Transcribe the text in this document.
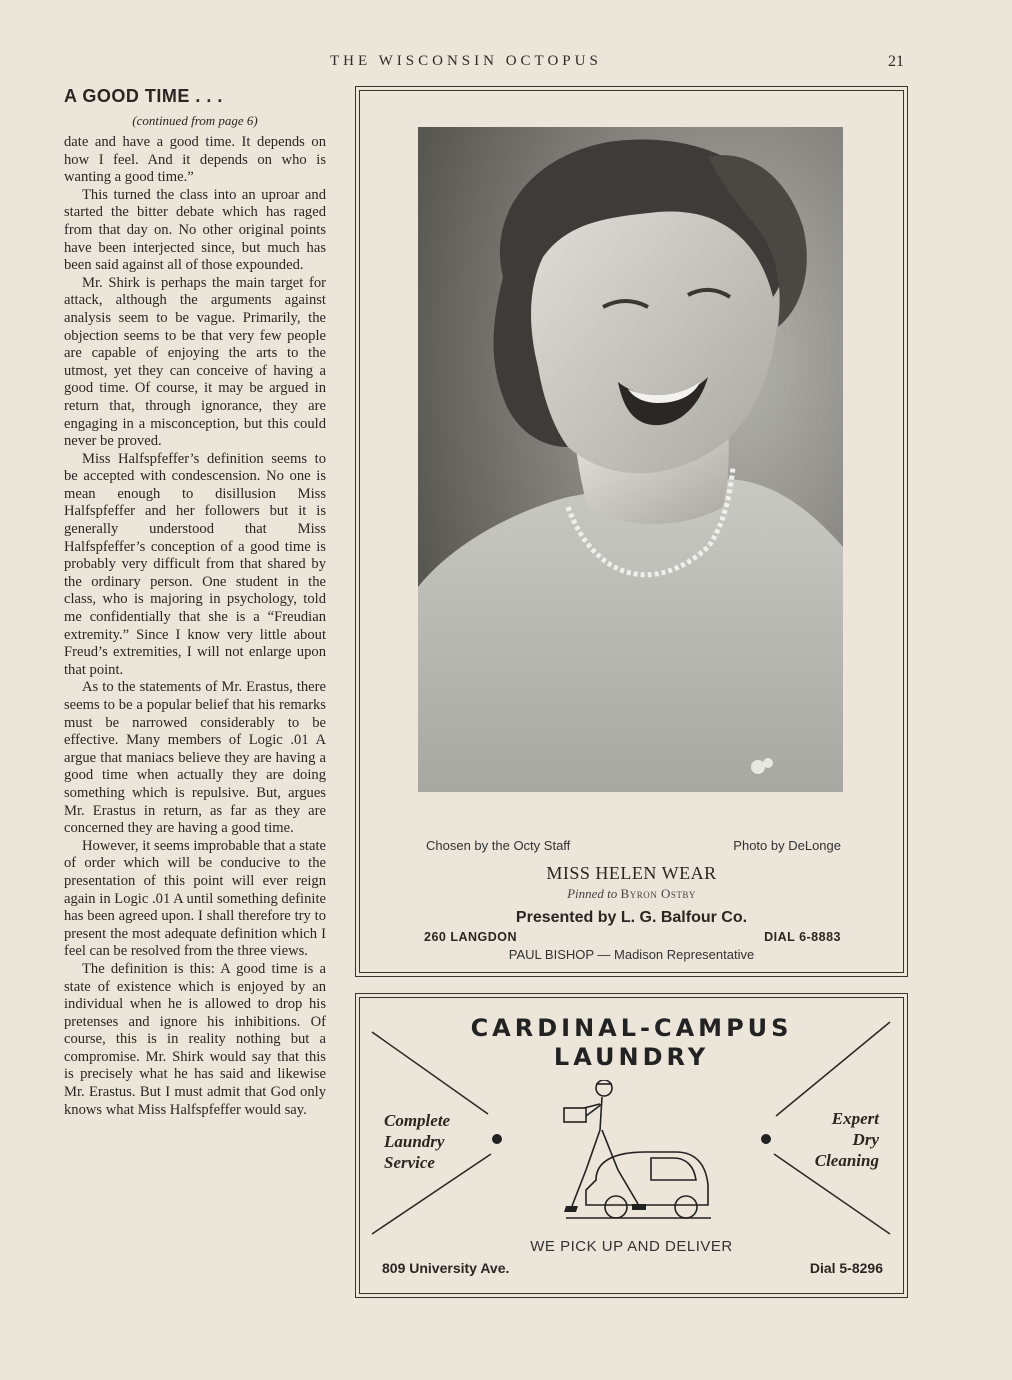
THE WISCONSIN OCTOPUS	21
A GOOD TIME . . .
(continued from page 6)

date and have a good time. It depends on how I feel. And it depends on who is wanting a good time.”

This turned the class into an uproar and started the bitter debate which has raged from that day on. No other original points have been interjected since, but much has been said against all of those expounded.

Mr. Shirk is perhaps the main target for attack, although the arguments against analysis seem to be vague. Primarily, the objection seems to be that very few people are capable of enjoying the arts to the utmost, yet they can conceive of having a good time. Of course, it may be argued in return that, through ignorance, they are engaging in a misconception, but this could never be proved.

Miss Halfspfeffer’s definition seems to be accepted with condescension. No one is mean enough to disillusion Miss Halfspfeffer and her followers but it is generally understood that Miss Halfspfeffer’s conception of a good time is probably very difficult from that shared by the ordinary person. One student in the class, who is majoring in psychology, told me confidentially that she is a “Freudian extremity.” Since I know very little about Freud’s extremities, I will not enlarge upon that point.

As to the statements of Mr. Erastus, there seems to be a popular belief that his remarks must be narrowed considerably to be effective. Many members of Logic .01 A argue that maniacs believe they are having a good time when actually they are doing something which is repulsive. But, argues Mr. Erastus in return, as far as they are concerned they are having a good time.

However, it seems improbable that a state of order which will be conducive to the presentation of this point will ever reign again in Logic .01 A until something definite has been agreed upon. I shall therefore try to present the most adequate definition which I feel can be resolved from the three views.

The definition is this: A good time is a state of existence which is enjoyed by an individual when he is allowed to drop his pretenses and ignore his inhibitions. Of course, this is in reality nothing but a compromise. Mr. Shirk would say that this is precisely what he has said and likewise Mr. Erastus. But I must admit that God only knows what Miss Halfspfeffer would say.

Chosen by the Octy Staff	Photo by DeLonge
MISS HELEN WEAR
Pinned to Byron Ostby
Presented by L. G. Balfour Co.
260 LANGDON	DIAL 6-8883
PAUL BISHOP — Madison Representative
CARDINAL-CAMPUS
LAUNDRY
Complete
Laundry
Service
Expert
Dry
Cleaning
WE PICK UP AND DELIVER
809 University Ave.	Dial 5-8296
